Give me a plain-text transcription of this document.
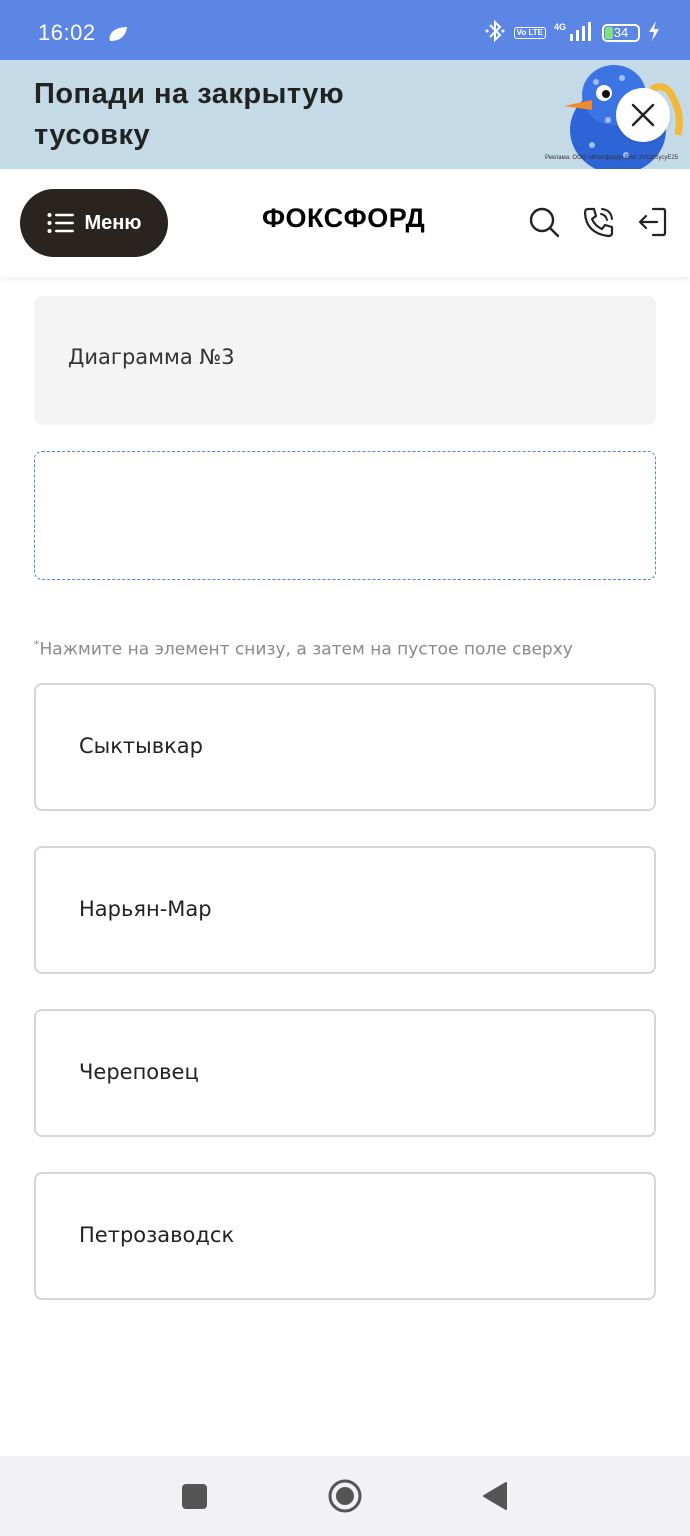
16:02	Vo LTE
4G	34
Попади на закрытую тусовку
Реклама. ООО «Фоксфорд» Erid: 2VtzbSycyE25
Меню	ФОКСФОРД
Диаграмма №3
*Нажмите на элемент снизу, а затем на пустое поле сверху
Сыктывкар
Нарьян-Мар
Череповец
Петрозаводск
